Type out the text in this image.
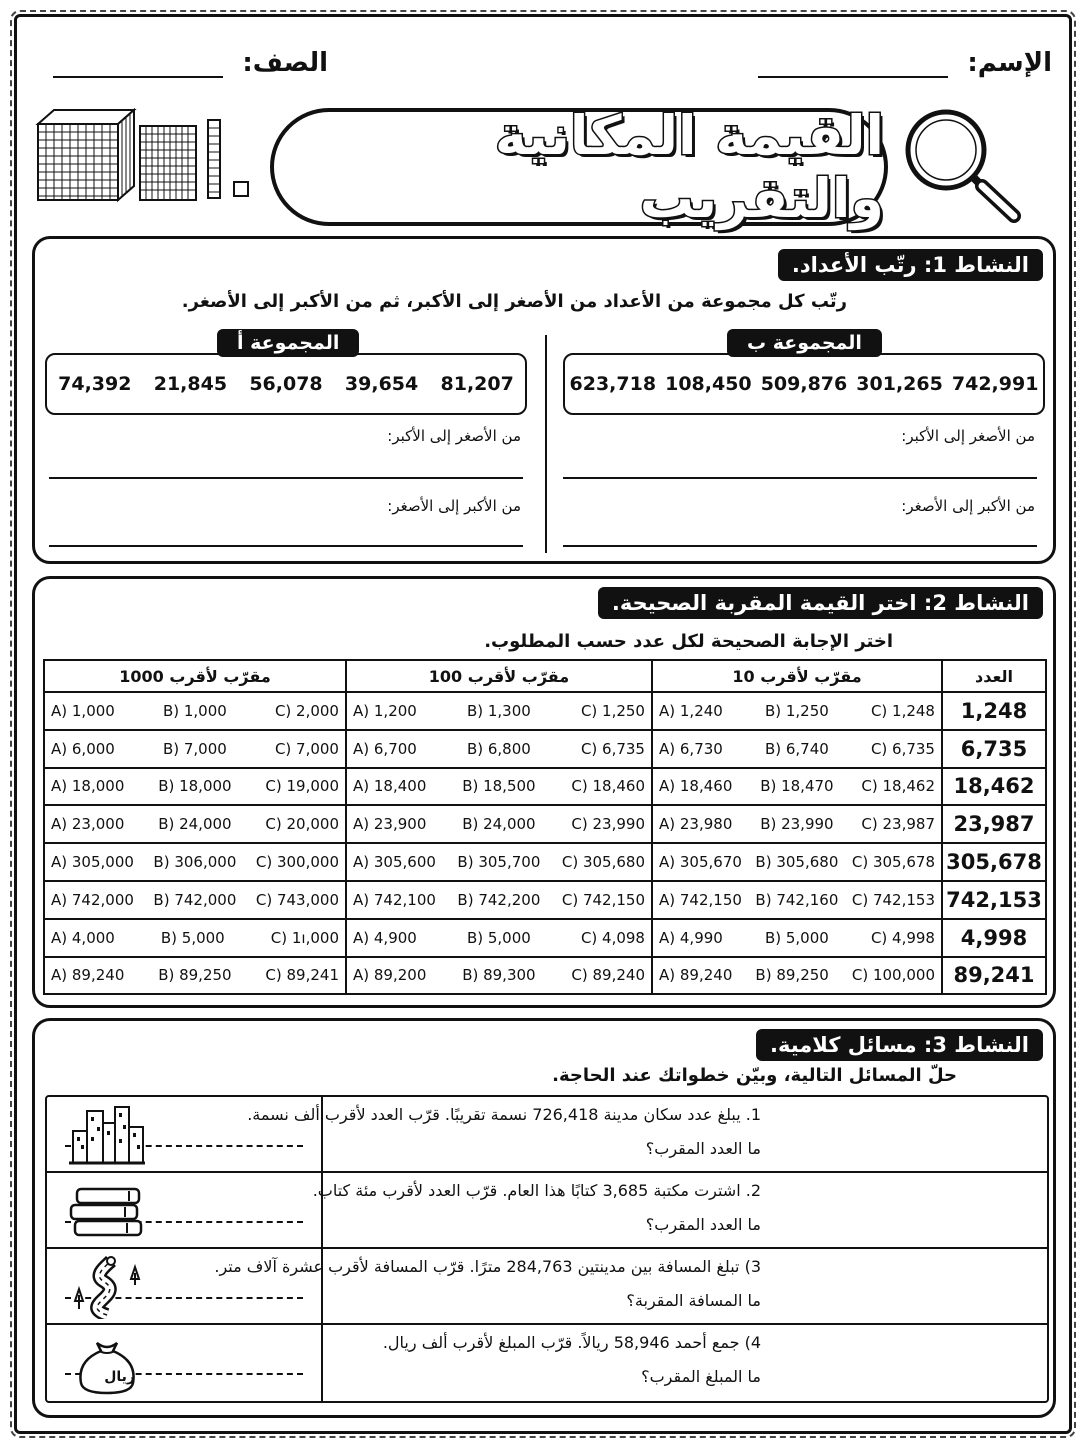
الإسم:
الصف:
القيمة المكانية والتقريب
النشاط 1: رتّب الأعداد.
رتّب كل مجموعة من الأعداد من الأصغر إلى الأكبر، ثم من الأكبر إلى الأصغر.
623,718 108,450 509,876 301,265 742,991
المجموعة ب
من الأصغر إلى الأكبر:
من الأكبر إلى الأصغر:
74,392 21,845 56,078 39,654 81,207
المجموعة أ
من الأصغر إلى الأكبر:
من الأكبر إلى الأصغر:
النشاط 2: اختر القيمة المقربة الصحيحة.
اختر الإجابة الصحيحة لكل عدد حسب المطلوب.
العدد	مقرّب لأقرب 10	مقرّب لأقرب 100	مقرّب لأقرب 1000
1,248	A) 1,240 B) 1,250 C) 1,248	A) 1,200 B) 1,300 C) 1,250	A) 1,000 B) 1,000 C) 2,000

6,735	A) 6,730 B) 6,740 C) 6,735	A) 6,700 B) 6,800 C) 6,735	A) 6,000 B) 7,000 C) 7,000

18,462	A) 18,460 B) 18,470 C) 18,462	A) 18,400 B) 18,500 C) 18,460	A) 18,000 B) 18,000 C) 19,000

23,987	A) 23,980 B) 23,990 C) 23,987	A) 23,900 B) 24,000 C) 23,990	A) 23,000 B) 24,000 C) 20,000

305,678	A) 305,670 B) 305,680 C) 305,678	A) 305,600 B) 305,700 C) 305,680	A) 305,000 B) 306,000 C) 300,000

742,153	A) 742,150 B) 742,160 C) 742,153	A) 742,100 B) 742,200 C) 742,150	A) 742,000 B) 742,000 C) 743,000

4,998	A) 4,990 B) 5,000 C) 4,998	A) 4,900 B) 5,000 C) 4,098	A) 4,000 B) 5,000 C) 1ı,000

89,241	A) 89,240 B) 89,250 C) 100,000	A) 89,200 B) 89,300 C) 89,240	A) 89,240 B) 89,250 C) 89,241
النشاط 3: مسائل كلامية.
حلّ المسائل التالية، وبيّن خطواتك عند الحاجة.
1. يبلغ عدد سكان مدينة 726,418 نسمة تقريبًا. قرّب العدد لأقرب ألف نسمة.
ما العدد المقرب؟
2. اشترت مكتبة 3,685 كتابًا هذا العام. قرّب العدد لأقرب مئة كتاب.
ما العدد المقرب؟
3) تبلغ المسافة بين مدينتين 284,763 مترًا. قرّب المسافة لأقرب عشرة آلاف متر.
ما المسافة المقربة؟
4) جمع أحمد 58,946 ريالاً. قرّب المبلغ لأقرب ألف ريال.
ما المبلغ المقرب؟
ريال
